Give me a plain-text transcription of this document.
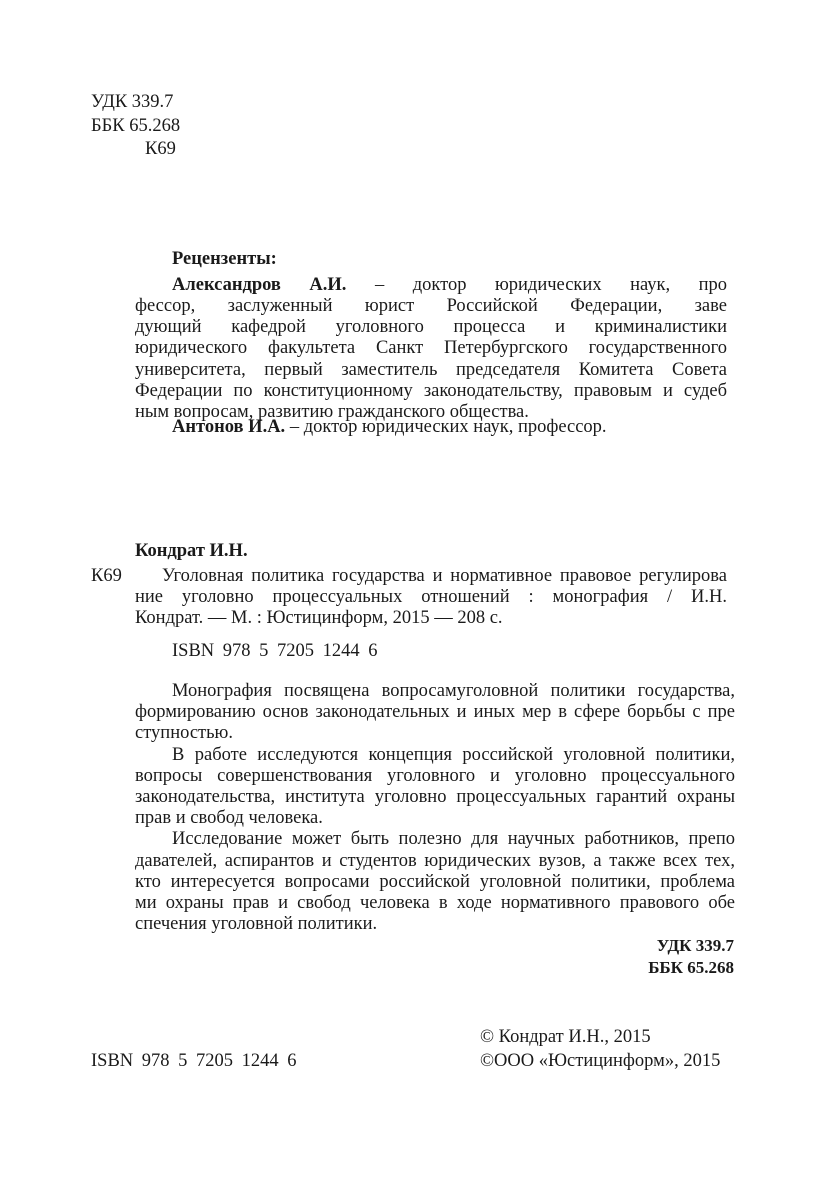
УДК 339.7
ББК 65.268
К69
Рецензенты:
Александров А.И. – доктор юридических наук, про
фессор, заслуженный юрист Российской Федерации, заве
дующий кафедрой уголовного процесса и криминалистики
юридического факультета Санкт Петербургского государственного
университета, первый заместитель председателя Комитета Совета
Федерации по конституционному законодательству, правовым и судеб
ным вопросам, развитию гражданского общества.
Антонов И.А. – доктор юридических наук, профессор.
Кондрат И.Н.
К69 Уголовная политика государства и нормативное правовое регулирова
ние уголовно процессуальных отношений : монография / И.Н.
Кондрат. — М. : Юстицинформ, 2015 — 208 с.
ISBN 978 5 7205 1244 6
Монография посвящена вопросамуголовной политики государства,
формированию основ законодательных и иных мер в сфере борьбы с пре
ступностью.
В работе исследуются концепция российской уголовной политики,
вопросы совершенствования уголовного и уголовно процессуального
законодательства, института уголовно процессуальных гарантий охраны
прав и свобод человека.
Исследование может быть полезно для научных работников, препо
давателей, аспирантов и студентов юридических вузов, а также всех тех,
кто интересуется вопросами российской уголовной политики, проблема
ми охраны прав и свобод человека в ходе нормативного правового обе
спечения уголовной политики.
УДК 339.7
ББК 65.268
© Кондрат И.Н., 2015
ISBN 978 5 7205 1244 6	©ООО «Юстицинформ», 2015
